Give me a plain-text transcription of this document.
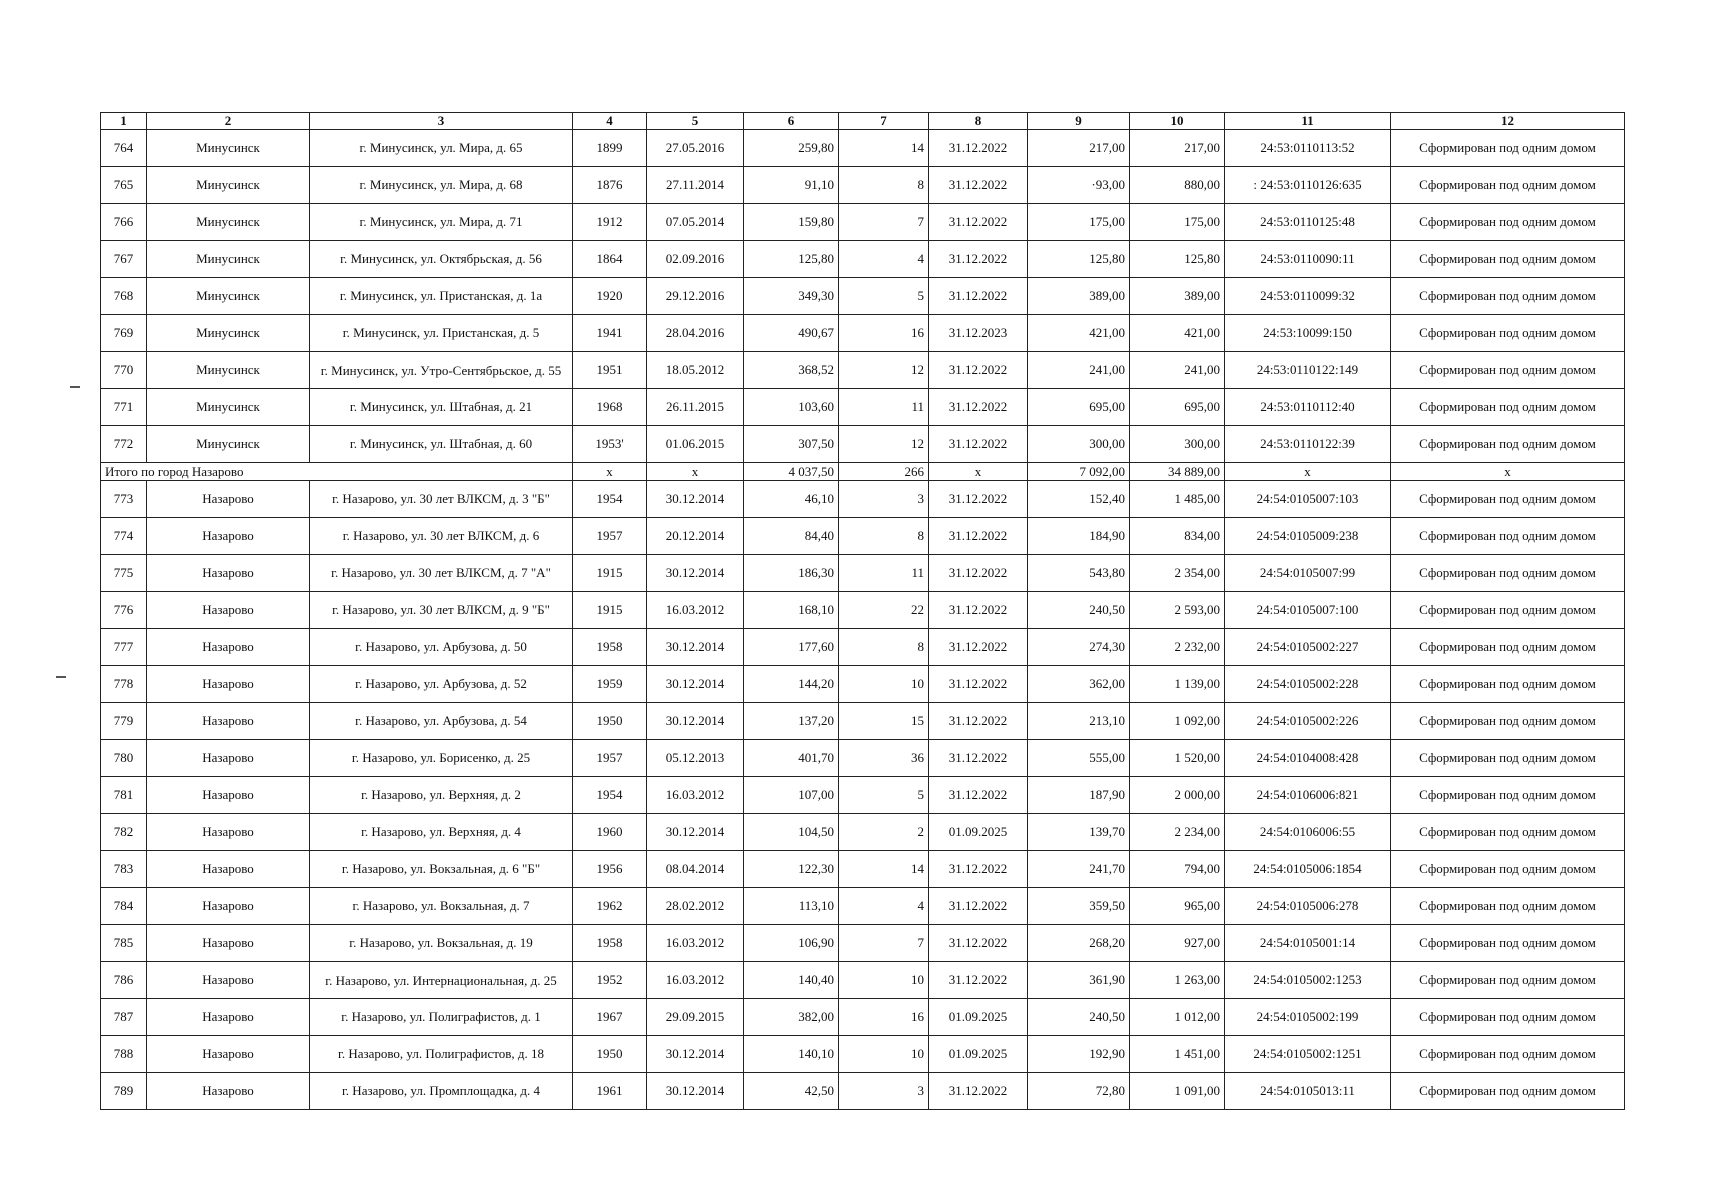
1	2	3	4	5	6	7	8	9	10	11	12
764	Минусинск	г. Минусинск, ул. Мира, д. 65	1899	27.05.2016	259,80	14	31.12.2022	217,00	217,00	24:53:0110113:52	Сформирован под одним домом
765	Минусинск	г. Минусинск, ул. Мира, д. 68	1876	27.11.2014	91,10	8	31.12.2022	·93,00	880,00	: 24:53:0110126:635	Сформирован под одним домом
766	Минусинск	г. Минусинск, ул. Мира, д. 71	1912	07.05.2014	159,80	7	31.12.2022	175,00	175,00	24:53:0110125:48	Сформирован под одним домом
767	Минусинск	г. Минусинск, ул. Октябрьская, д. 56	1864	02.09.2016	125,80	4	31.12.2022	125,80	125,80	24:53:0110090:11	Сформирован под одним домом
768	Минусинск	г. Минусинск, ул. Пристанская, д. 1а	1920	29.12.2016	349,30	5	31.12.2022	389,00	389,00	24:53:0110099:32	Сформирован под одним домом
769	Минусинск	г. Минусинск, ул. Пристанская, д. 5	1941	28.04.2016	490,67	16	31.12.2023	421,00	421,00	24:53:10099:150	Сформирован под одним домом
770	Минусинск	г. Минусинск, ул. Утро-Сентябрьское, д. 55	1951	18.05.2012	368,52	12	31.12.2022	241,00	241,00	24:53:0110122:149	Сформирован под одним домом
771	Минусинск	г. Минусинск, ул. Штабная, д. 21	1968	26.11.2015	103,60	11	31.12.2022	695,00	695,00	24:53:0110112:40	Сформирован под одним домом
772	Минусинск	г. Минусинск, ул. Штабная, д. 60	1953'	01.06.2015	307,50	12	31.12.2022	300,00	300,00	24:53:0110122:39	Сформирован под одним домом
Итого по город Назарово			x	x	4 037,50	266	x	7 092,00	34 889,00	x	x
773	Назарово	г. Назарово, ул. 30 лет ВЛКСМ, д. 3 "Б"	1954	30.12.2014	46,10	3	31.12.2022	152,40	1 485,00	24:54:0105007:103	Сформирован под одним домом
774	Назарово	г. Назарово, ул. 30 лет ВЛКСМ, д. 6	1957	20.12.2014	84,40	8	31.12.2022	184,90	834,00	24:54:0105009:238	Сформирован под одним домом
775	Назарово	г. Назарово, ул. 30 лет ВЛКСМ, д. 7 "А"	1915	30.12.2014	186,30	11	31.12.2022	543,80	2 354,00	24:54:0105007:99	Сформирован под одним домом
776	Назарово	г. Назарово, ул. 30 лет ВЛКСМ, д. 9 "Б"	1915	16.03.2012	168,10	22	31.12.2022	240,50	2 593,00	24:54:0105007:100	Сформирован под одним домом
777	Назарово	г. Назарово, ул. Арбузова, д. 50	1958	30.12.2014	177,60	8	31.12.2022	274,30	2 232,00	24:54:0105002:227	Сформирован под одним домом
778	Назарово	г. Назарово, ул. Арбузова, д. 52	1959	30.12.2014	144,20	10	31.12.2022	362,00	1 139,00	24:54:0105002:228	Сформирован под одним домом
779	Назарово	г. Назарово, ул. Арбузова, д. 54	1950	30.12.2014	137,20	15	31.12.2022	213,10	1 092,00	24:54:0105002:226	Сформирован под одним домом
780	Назарово	г. Назарово, ул. Борисенко, д. 25	1957	05.12.2013	401,70	36	31.12.2022	555,00	1 520,00	24:54:0104008:428	Сформирован под одним домом
781	Назарово	г. Назарово, ул. Верхняя, д. 2	1954	16.03.2012	107,00	5	31.12.2022	187,90	2 000,00	24:54:0106006:821	Сформирован под одним домом
782	Назарово	г. Назарово, ул. Верхняя, д. 4	1960	30.12.2014	104,50	2	01.09.2025	139,70	2 234,00	24:54:0106006:55	Сформирован под одним домом
783	Назарово	г. Назарово, ул. Вокзальная, д. 6 "Б"	1956	08.04.2014	122,30	14	31.12.2022	241,70	794,00	24:54:0105006:1854	Сформирован под одним домом
784	Назарово	г. Назарово, ул. Вокзальная, д. 7	1962	28.02.2012	113,10	4	31.12.2022	359,50	965,00	24:54:0105006:278	Сформирован под одним домом
785	Назарово	г. Назарово, ул. Вокзальная, д. 19	1958	16.03.2012	106,90	7	31.12.2022	268,20	927,00	24:54:0105001:14	Сформирован под одним домом
786	Назарово	г. Назарово, ул. Интернациональная, д. 25	1952	16.03.2012	140,40	10	31.12.2022	361,90	1 263,00	24:54:0105002:1253	Сформирован под одним домом
787	Назарово	г. Назарово, ул. Полиграфистов, д. 1	1967	29.09.2015	382,00	16	01.09.2025	240,50	1 012,00	24:54:0105002:199	Сформирован под одним домом
788	Назарово	г. Назарово, ул. Полиграфистов, д. 18	1950	30.12.2014	140,10	10	01.09.2025	192,90	1 451,00	24:54:0105002:1251	Сформирован под одним домом
789	Назарово	г. Назарово, ул. Промплощадка, д. 4	1961	30.12.2014	42,50	3	31.12.2022	72,80	1 091,00	24:54:0105013:11	Сформирован под одним домом
